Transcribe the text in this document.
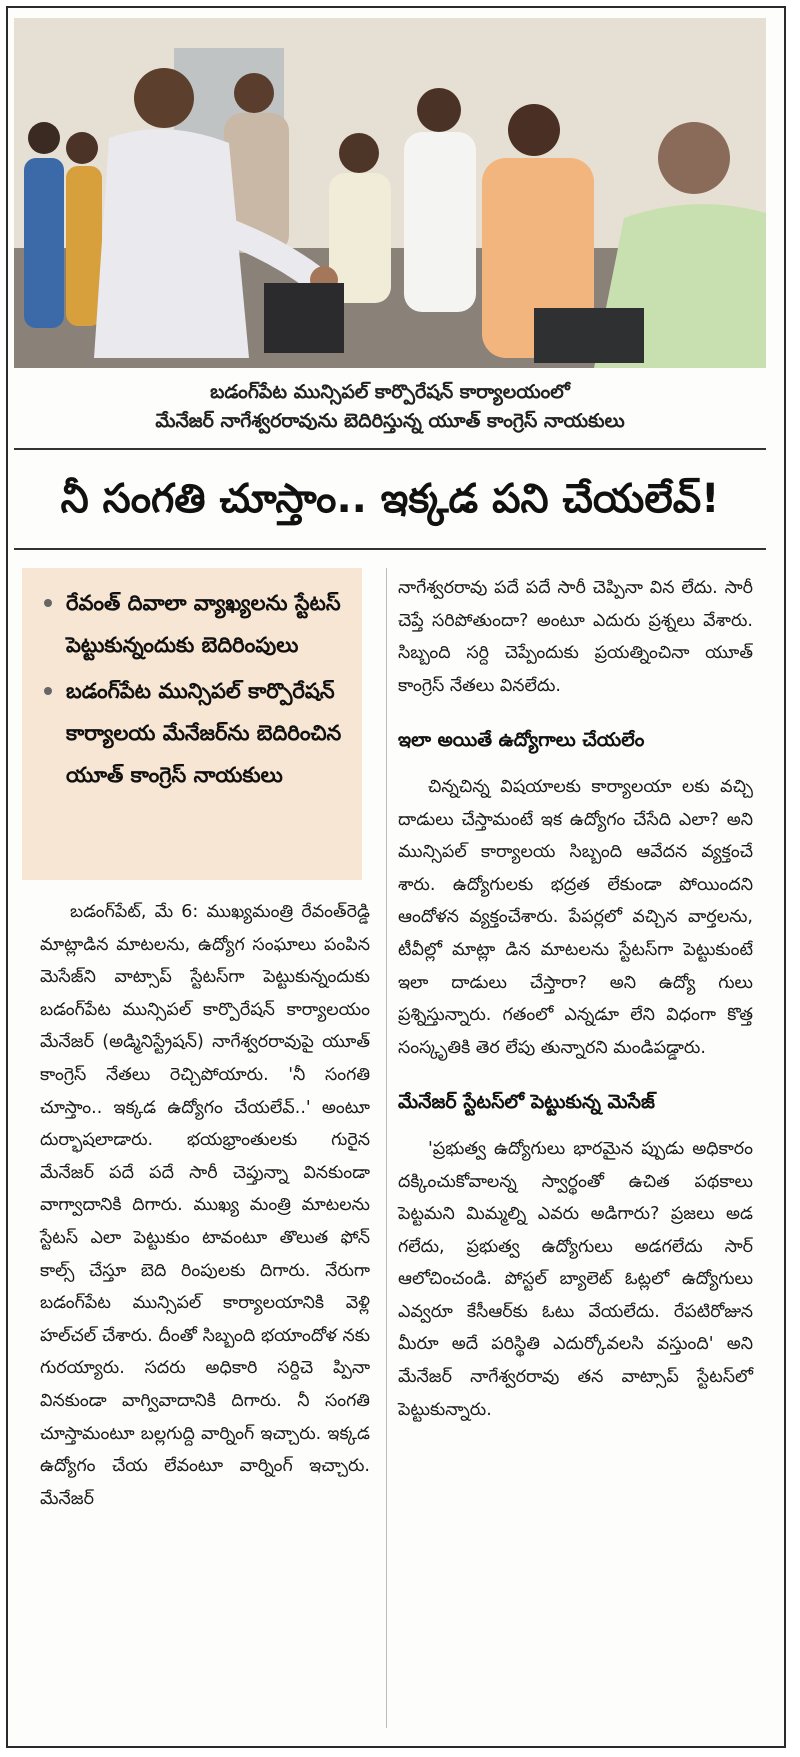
బడంగ్‌పేట మున్సిపల్ కార్పొరేషన్ కార్యాలయంలో
మేనేజర్ నాగేశ్వరరావును బెదిరిస్తున్న యూత్ కాంగ్రెస్ నాయకులు
నీ సంగతి చూస్తాం.. ఇక్కడ పని చేయలేవ్!
రేవంత్ దివాలా వ్యాఖ్యలను స్టేటస్ పెట్టుకున్నందుకు బెదిరింపులు
బడంగ్‌పేట మున్సిపల్ కార్పొరేషన్ కార్యాలయ మేనేజర్‌ను బెదిరించిన యూత్ కాంగ్రెస్ నాయకులు

బడంగ్‌పేట్, మే 6: ముఖ్యమంత్రి రేవంత్‌రెడ్డి మాట్లాడిన మాటలను, ఉద్యోగ సంఘాలు పంపిన మెసేజ్‌ని వాట్సాప్ స్టేటస్‌గా పెట్టుకున్నందుకు బడంగ్‌పేట మున్సిపల్ కార్పొరేషన్ కార్యాలయం మేనేజర్ (అడ్మినిస్ట్రేషన్) నాగేశ్వరరావుపై యూత్ కాంగ్రెస్ నేతలు రెచ్చిపోయారు. 'నీ సంగతి చూస్తాం.. ఇక్కడ ఉద్యోగం చేయలేవ్..' అంటూ దుర్భాషలాడారు. భయభ్రాంతులకు గురైన మేనేజర్ పదే పదే సారీ చెప్తున్నా వినకుండా వాగ్వాదానికి దిగారు. ముఖ్య మంత్రి మాటలను స్టేటస్ ఎలా పెట్టుకుం టావంటూ తొలుత ఫోన్ కాల్స్ చేస్తూ బెది రింపులకు దిగారు. నేరుగా బడంగ్‌పేట మున్సిపల్ కార్యాలయానికి వెళ్లి హల్‌చల్ చేశారు. దీంతో సిబ్బంది భయాందోళ నకు గురయ్యారు. సదరు అధికారి సర్దిచె ప్పినా వినకుండా వాగ్వివాదానికి దిగారు. నీ సంగతి చూస్తామంటూ బల్లగుద్ది వార్నింగ్ ఇచ్చారు. ఇక్కడ ఉద్యోగం చేయ లేవంటూ వార్నింగ్ ఇచ్చారు. మేనేజర్

నాగేశ్వరరావు పదే పదే సారీ చెప్పినా విన లేదు. సారీ చెప్తే సరిపోతుందా? అంటూ ఎదురు ప్రశ్నలు వేశారు. సిబ్బంది సర్ది చెప్పేందుకు ప్రయత్నించినా యూత్ కాంగ్రెస్ నేతలు వినలేదు.

ఇలా అయితే ఉద్యోగాలు చేయలేం

చిన్నచిన్న విషయాలకు కార్యాలయా లకు వచ్చి దాడులు చేస్తామంటే ఇక ఉద్యోగం చేసేది ఎలా? అని మున్సిపల్ కార్యాలయ సిబ్బంది ఆవేదన వ్యక్తంచే శారు. ఉద్యోగులకు భద్రత లేకుండా పోయిందని ఆందోళన వ్యక్తంచేశారు. పేపర్లలో వచ్చిన వార్తలను, టీవీల్లో మాట్లా డిన మాటలను స్టేటస్‌గా పెట్టుకుంటే ఇలా దాడులు చేస్తారా? అని ఉద్యో గులు ప్రశ్నిస్తున్నారు. గతంలో ఎన్నడూ లేని విధంగా కొత్త సంస్కృతికి తెర లేపు తున్నారని మండిపడ్డారు.

మేనేజర్ స్టేటస్‌లో పెట్టుకున్న మెసేజ్

'ప్రభుత్వ ఉద్యోగులు భారమైన ప్పుడు అధికారం దక్కించుకోవాలన్న స్వార్థంతో ఉచిత పథకాలు పెట్టమని మిమ్మల్ని ఎవరు అడిగారు? ప్రజలు అడ గలేదు, ప్రభుత్వ ఉద్యోగులు అడగలేదు సార్ ఆలోచించండి. పోస్టల్ బ్యాలెట్ ఓట్లలో ఉద్యోగులు ఎవ్వరూ కేసీఆర్‌కు ఓటు వేయలేదు. రేపటిరోజున మీరూ అదే పరిస్థితి ఎదుర్కోవలసి వస్తుంది' అని మేనేజర్ నాగేశ్వరరావు తన వాట్సాప్ స్టేటస్‌లో పెట్టుకున్నారు.
